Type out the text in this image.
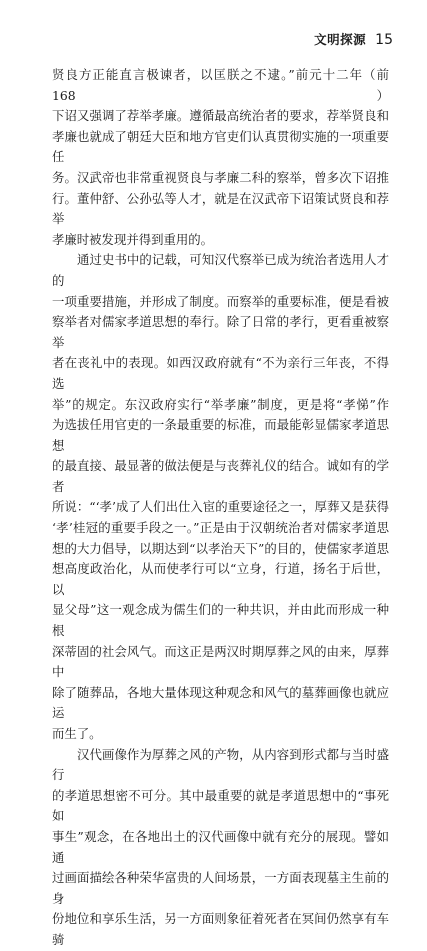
文明探源 15

贤良方正能直言极谏者，以匡朕之不逮。”前元十二年（前 168）

下诏又强调了荐举孝廉。遵循最高统治者的要求，荐举贤良和

孝廉也就成了朝廷大臣和地方官吏们认真贯彻实施的一项重要任

务。汉武帝也非常重视贤良与孝廉二科的察举，曾多次下诏推

行。董仲舒、公孙弘等人才，就是在汉武帝下诏策试贤良和荐举

孝廉时被发现并得到重用的。

通过史书中的记载，可知汉代察举已成为统治者选用人才的

一项重要措施，并形成了制度。而察举的重要标准，便是看被

察举者对儒家孝道思想的奉行。除了日常的孝行，更看重被察举

者在丧礼中的表现。如西汉政府就有“不为亲行三年丧，不得选

举”的规定。东汉政府实行“举孝廉”制度，更是将“孝悌”作

为选拔任用官吏的一条最重要的标准，而最能彰显儒家孝道思想

的最直接、最显著的做法便是与丧葬礼仪的结合。诚如有的学者

所说：“‘孝’成了人们出仕入宦的重要途径之一，厚葬又是获得

‘孝’桂冠的重要手段之一。”正是由于汉朝统治者对儒家孝道思

想的大力倡导，以期达到“以孝治天下”的目的，使儒家孝道思

想高度政治化，从而使孝行可以“立身，行道，扬名于后世，以

显父母”这一观念成为儒生们的一种共识，并由此而形成一种根

深蒂固的社会风气。而这正是两汉时期厚葬之风的由来，厚葬中

除了随葬品，各地大量体现这种观念和风气的墓葬画像也就应运

而生了。

汉代画像作为厚葬之风的产物，从内容到形式都与当时盛行

的孝道思想密不可分。其中最重要的就是孝道思想中的“事死如

事生”观念，在各地出土的汉代画像中就有充分的展现。譬如通

过画面描绘各种荣华富贵的人间场景，一方面表现墓主生前的身

份地位和享乐生活，另一方面则象征着死者在冥间仍然享有车骑
